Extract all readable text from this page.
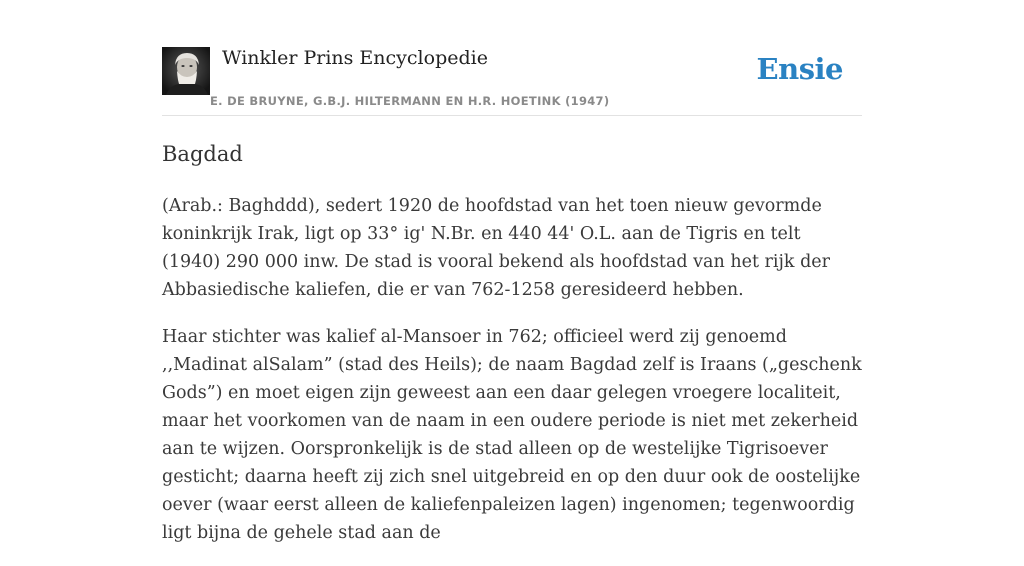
Winkler Prins Encyclopedie
E. DE BRUYNE, G.B.J. HILTERMANN EN H.R. HOETINK (1947)
Ensie
Bagdad

(Arab.: Baghddd), sedert 1920 de hoofdstad van het toen nieuw gevormde koninkrijk Irak, ligt op 33° ig' N.Br. en 440 44' O.L. aan de Tigris en telt (1940) 290 000 inw. De stad is vooral bekend als hoofdstad van het rijk der Abbasiedische kaliefen, die er van 762-1258 geresideerd hebben.

Haar stichter was kalief al-Mansoer in 762; officieel werd zij genoemd ,,Madinat alSalam” (stad des Heils); de naam Bagdad zelf is Iraans („geschenk Gods”) en moet eigen zijn geweest aan een daar gelegen vroegere localiteit, maar het voorkomen van de naam in een oudere periode is niet met zekerheid aan te wijzen. Oorspronkelijk is de stad alleen op de westelijke Tigrisoever gesticht; daarna heeft zij zich snel uitgebreid en op den duur ook de oostelijke oever (waar eerst alleen de kaliefenpaleizen lagen) ingenomen; tegenwoordig ligt bijna de gehele stad aan de
